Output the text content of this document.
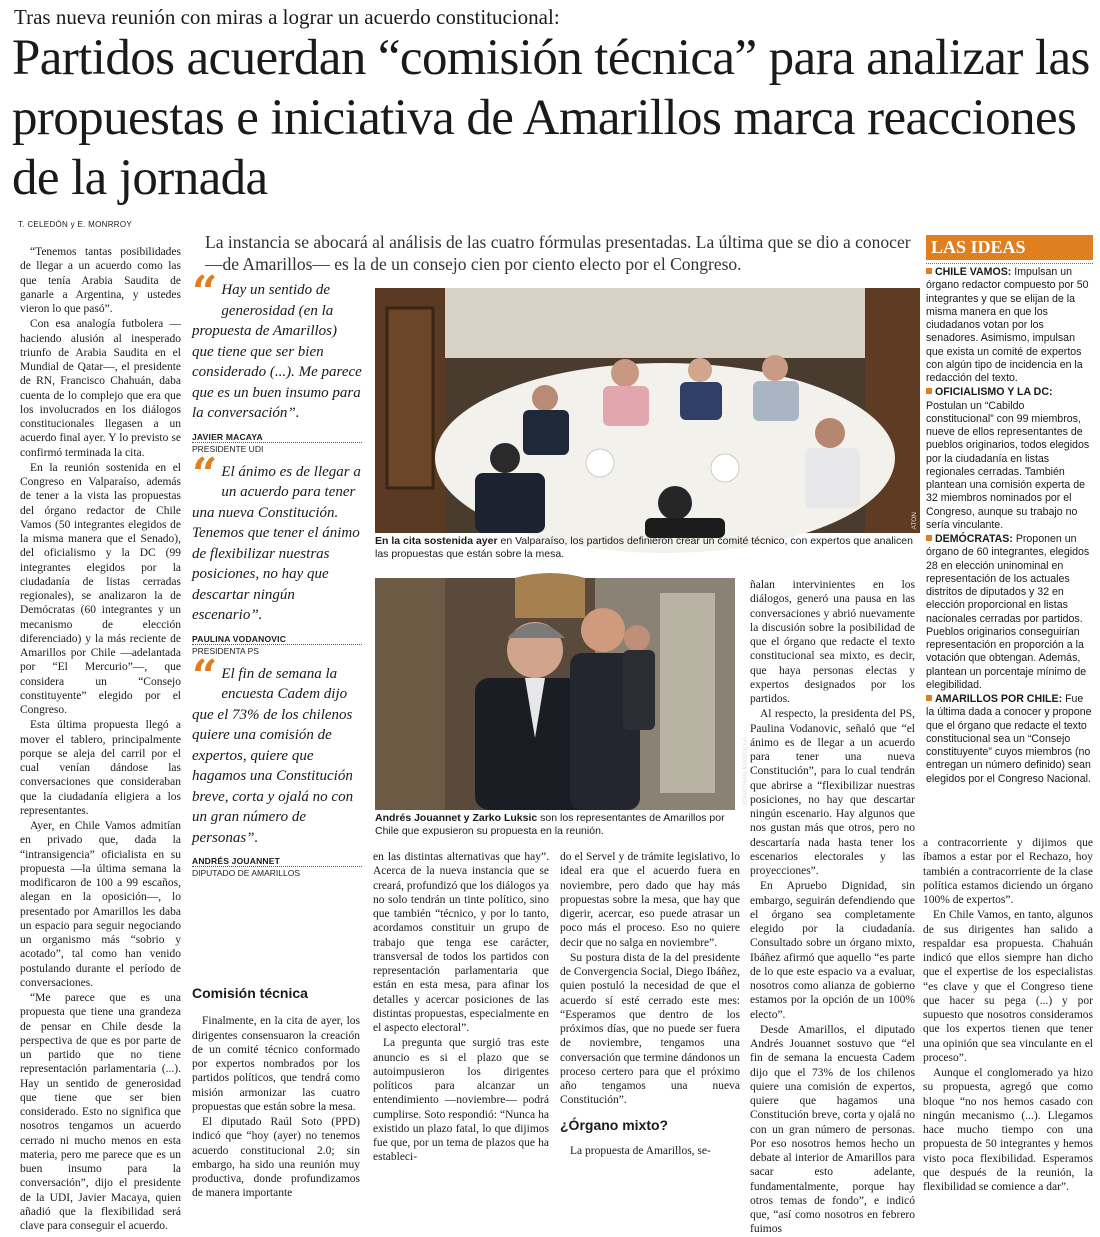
Tras nueva reunión con miras a lograr un acuerdo constitucional:
Partidos acuerdan “comisión técnica” para analizar las propuestas e iniciativa de Amarillos marca reacciones de la jornada
T. CELEDÓN y E. MONRROY
La instancia se abocará al análisis de las cuatro fórmulas presentadas. La última que se dio a conocer —de Amarillos— es la de un consejo cien por ciento electo por el Congreso.

“Tenemos tantas posibilidades de llegar a un acuerdo como las que tenía Arabia Saudita de ganarle a Argentina, y ustedes vieron lo que pasó”.

Con esa analogía futbolera —haciendo alusión al inesperado triunfo de Arabia Saudita en el Mundial de Qatar—, el presidente de RN, Francisco Chahuán, daba cuenta de lo complejo que era que los involucrados en los diálogos constitucionales llegasen a un acuerdo final ayer. Y lo previsto se confirmó terminada la cita.

En la reunión sostenida en el Congreso en Valparaíso, además de tener a la vista las propuestas del órgano redactor de Chile Vamos (50 integrantes elegidos de la misma manera que el Senado), del oficialismo y la DC (99 integrantes elegidos por la ciudadanía de listas cerradas regionales), se analizaron la de Demócratas (60 integrantes y un mecanismo de elección diferenciado) y la más reciente de Amarillos por Chile —adelantada por “El Mercurio”—, que considera un “Consejo constituyente” elegido por el Congreso.

Esta última propuesta llegó a mover el tablero, principalmente porque se aleja del carril por el cual venían dándose las conversaciones que consideraban que la ciudadanía eligiera a los representantes.

Ayer, en Chile Vamos admitían en privado que, dada la “intransigencia” oficialista en su propuesta —la última semana la modificaron de 100 a 99 escaños, alegan en la oposición—, lo presentado por Amarillos les daba un espacio para seguir negociando un organismo más “sobrio y acotado”, tal como han venido postulando durante el período de conversaciones.

“Me parece que es una propuesta que tiene una grandeza de pensar en Chile desde la perspectiva de que es por parte de un partido que no tiene representación parlamentaria (...). Hay un sentido de generosidad que tiene que ser bien considerado. Esto no significa que nosotros tengamos un acuerdo cerrado ni mucho menos en esta materia, pero me parece que es un buen insumo para la conversación”, dijo el presidente de la UDI, Javier Macaya, quien añadió que la flexibilidad será clave para conseguir el acuerdo.

“ Hay un sentido de generosidad (en la propuesta de Amarillos) que tiene que ser bien considerado (...). Me parece que es un buen insumo para la conversación”.
JAVIER MACAYA
PRESIDENTE UDI
“ El ánimo es de llegar a un acuerdo para tener una nueva Constitución. Tenemos que tener el ánimo de flexibilizar nuestras posiciones, no hay que descartar ningún escenario”.
PAULINA VODANOVIC
PRESIDENTA PS
“ El fin de semana la encuesta Cadem dijo que el 73% de los chilenos quiere una comisión de expertos, quiere que hagamos una Constitución breve, corta y ojalá no con un gran número de personas”.
ANDRÉS JOUANNET
DIPUTADO DE AMARILLOS
Comisión técnica

Finalmente, en la cita de ayer, los dirigentes consensuaron la creación de un comité técnico conformado por expertos nombrados por los partidos políticos, que tendrá como misión armonizar las cuatro propuestas que están sobre la mesa.

El diputado Raúl Soto (PPD) indicó que “hoy (ayer) no tenemos acuerdo constitucional 2.0; sin embargo, ha sido una reunión muy productiva, donde profundizamos de manera importante

ATON
En la cita sostenida ayer en Valparaíso, los partidos definieron crear un comité técnico, con expertos que analicen las propuestas que están sobre la mesa.
JONATHAN MANCILLA
Andrés Jouannet y Zarko Luksic son los representantes de Amarillos por Chile que expusieron su propuesta en la reunión.

en las distintas alternativas que hay”. Acerca de la nueva instancia que se creará, profundizó que los diálogos ya no solo tendrán un tinte político, sino que también “técnico, y por lo tanto, acordamos constituir un grupo de trabajo que tenga ese carácter, transversal de todos los partidos con representación parlamentaria que están en esta mesa, para afinar los detalles y acercar posiciones de las distintas propuestas, especialmente en el aspecto electoral”.

La pregunta que surgió tras este anuncio es si el plazo que se autoimpusieron los dirigentes políticos para alcanzar un entendimiento —noviembre— podrá cumplirse. Soto respondió: “Nunca ha existido un plazo fatal, lo que dijimos fue que, por un tema de plazos que ha estableci-

do el Servel y de trámite legislativo, lo ideal era que el acuerdo fuera en noviembre, pero dado que hay más propuestas sobre la mesa, que hay que digerir, acercar, eso puede atrasar un poco más el proceso. Eso no quiere decir que no salga en noviembre”.

Su postura dista de la del presidente de Convergencia Social, Diego Ibáñez, quien postuló la necesidad de que el acuerdo sí esté cerrado este mes: “Esperamos que dentro de los próximos días, que no puede ser fuera de noviembre, tengamos una conversación que termine dándonos un proceso certero para que el próximo año tengamos una nueva Constitución”.

¿Órgano mixto?

La propuesta de Amarillos, se-

ñalan intervinientes en los diálogos, generó una pausa en las conversaciones y abrió nuevamente la discusión sobre la posibilidad de que el órgano que redacte el texto constitucional sea mixto, es decir, que haya personas electas y expertos designados por los partidos.

Al respecto, la presidenta del PS, Paulina Vodanovic, señaló que “el ánimo es de llegar a un acuerdo para tener una nueva Constitución”, para lo cual tendrán que abrirse a “flexibilizar nuestras posiciones, no hay que descartar ningún escenario. Hay algunos que nos gustan más que otros, pero no descartaría nada hasta tener los escenarios electorales y las proyecciones”.

En Apruebo Dignidad, sin embargo, seguirán defendiendo que el órgano sea completamente elegido por la ciudadanía. Consultado sobre un órgano mixto, Ibáñez afirmó que aquello “es parte de lo que este espacio va a evaluar, nosotros como alianza de gobierno estamos por la opción de un 100% electo”.

Desde Amarillos, el diputado Andrés Jouannet sostuvo que “el fin de semana la encuesta Cadem dijo que el 73% de los chilenos quiere una comisión de expertos, quiere que hagamos una Constitución breve, corta y ojalá no con un gran número de personas. Por eso nosotros hemos hecho un debate al interior de Amarillos para sacar esto adelante, fundamentalmente, porque hay otros temas de fondo”, e indicó que, “así como nosotros en febrero fuimos

a contracorriente y dijimos que íbamos a estar por el Rechazo, hoy también a contracorriente de la clase política estamos diciendo un órgano 100% de expertos”.

En Chile Vamos, en tanto, algunos de sus dirigentes han salido a respaldar esa propuesta. Chahuán indicó que ellos siempre han dicho que el expertise de los especialistas “es clave y que el Congreso tiene que hacer su pega (...) y por supuesto que nosotros consideramos que los expertos tienen que tener una opinión que sea vinculante en el proceso”.

Aunque el conglomerado ya hizo su propuesta, agregó que como bloque “no nos hemos casado con ningún mecanismo (...). Llegamos hace mucho tiempo con una propuesta de 50 integrantes y hemos visto poca flexibilidad. Esperamos que después de la reunión, la flexibilidad se comience a dar”.

LAS IDEAS
CHILE VAMOS: Impulsan un órgano redactor compuesto por 50 integrantes y que se elijan de la misma manera en que los ciudadanos votan por los senadores. Asimismo, impulsan que exista un comité de expertos con algún tipo de incidencia en la redacción del texto.
OFICIALISMO Y LA DC: Postulan un “Cabildo constitucional” con 99 miembros, nueve de ellos representantes de pueblos originarios, todos elegidos por la ciudadanía en listas regionales cerradas. También plantean una comisión experta de 32 miembros nominados por el Congreso, aunque su trabajo no sería vinculante.
DEMÓCRATAS: Proponen un órgano de 60 integrantes, elegidos 28 en elección uninominal en representación de los actuales distritos de diputados y 32 en elección proporcional en listas nacionales cerradas por partidos. Pueblos originarios conseguirían representación en proporción a la votación que obtengan. Además, plantean un porcentaje mínimo de elegibilidad.
AMARILLOS POR CHILE: Fue la última dada a conocer y propone que el órgano que redacte el texto constitucional sea un “Consejo constituyente” cuyos miembros (no entregan un número definido) sean elegidos por el Congreso Nacional.
